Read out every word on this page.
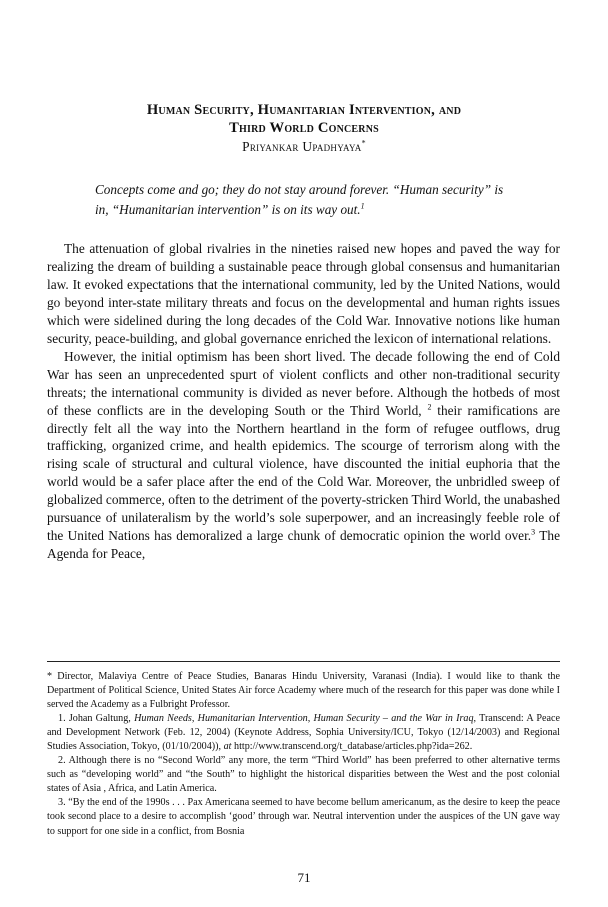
Human Security, Humanitarian Intervention, and
Third World Concerns
Priyankar Upadhyaya*

Concepts come and go; they do not stay around forever. “Human security” is
in, “Humanitarian intervention” is on its way out.$^1$

The attenuation of global rivalries in the nineties raised new hopes and paved the way for realizing the dream of building a sustainable peace through global consensus and humanitarian law. It evoked expectations that the international community, led by the United Nations, would go beyond inter-state military threats and focus on the developmental and human rights issues which were sidelined during the long decades of the Cold War. Innovative notions like human security, peace-building, and global governance enriched the lexicon of international relations.

However, the initial optimism has been short lived. The decade following the end of Cold War has seen an unprecedented spurt of violent conflicts and other non-traditional security threats; the international community is divided as never before. Although the hotbeds of most of these conflicts are in the developing South or the Third World, $^2$ their ramifications are directly felt all the way into the Northern heartland in the form of refugee outflows, drug trafficking, organized crime, and health epidemics. The scourge of terrorism along with the rising scale of structural and cultural violence, have discounted the initial euphoria that the world would be a safer place after the end of the Cold War. Moreover, the unbridled sweep of globalized commerce, often to the detriment of the poverty-stricken Third World, the unabashed pursuance of unilateralism by the world’s sole superpower, and an increasingly feeble role of the United Nations has demoralized a large chunk of democratic opinion the world over.$^3$ The Agenda for Peace,

* Director, Malaviya Centre of Peace Studies, Banaras Hindu University, Varanasi (India). I would like to thank the Department of Political Science, United States Air force Academy where much of the research for this paper was done while I served the Academy as a Fulbright Professor.

1. Johan Galtung, Human Needs, Humanitarian Intervention, Human Security – and the War in Iraq, Transcend: A Peace and Development Network (Feb. 12, 2004) (Keynote Address, Sophia University/ICU, Tokyo (12/14/2003) and Regional Studies Association, Tokyo, (01/10/2004)), at http://www.transcend.org/t_database/articles.php?ida=262.

2. Although there is no “Second World” any more, the term “Third World” has been preferred to other alternative terms such as “developing world” and “the South” to highlight the historical disparities between the West and the post colonial states of Asia , Africa, and Latin America.

3. “By the end of the 1990s . . . Pax Americana seemed to have become bellum americanum, as the desire to keep the peace took second place to a desire to accomplish ‘good’ through war. Neutral intervention under the auspices of the UN gave way to support for one side in a conflict, from Bosnia

71
